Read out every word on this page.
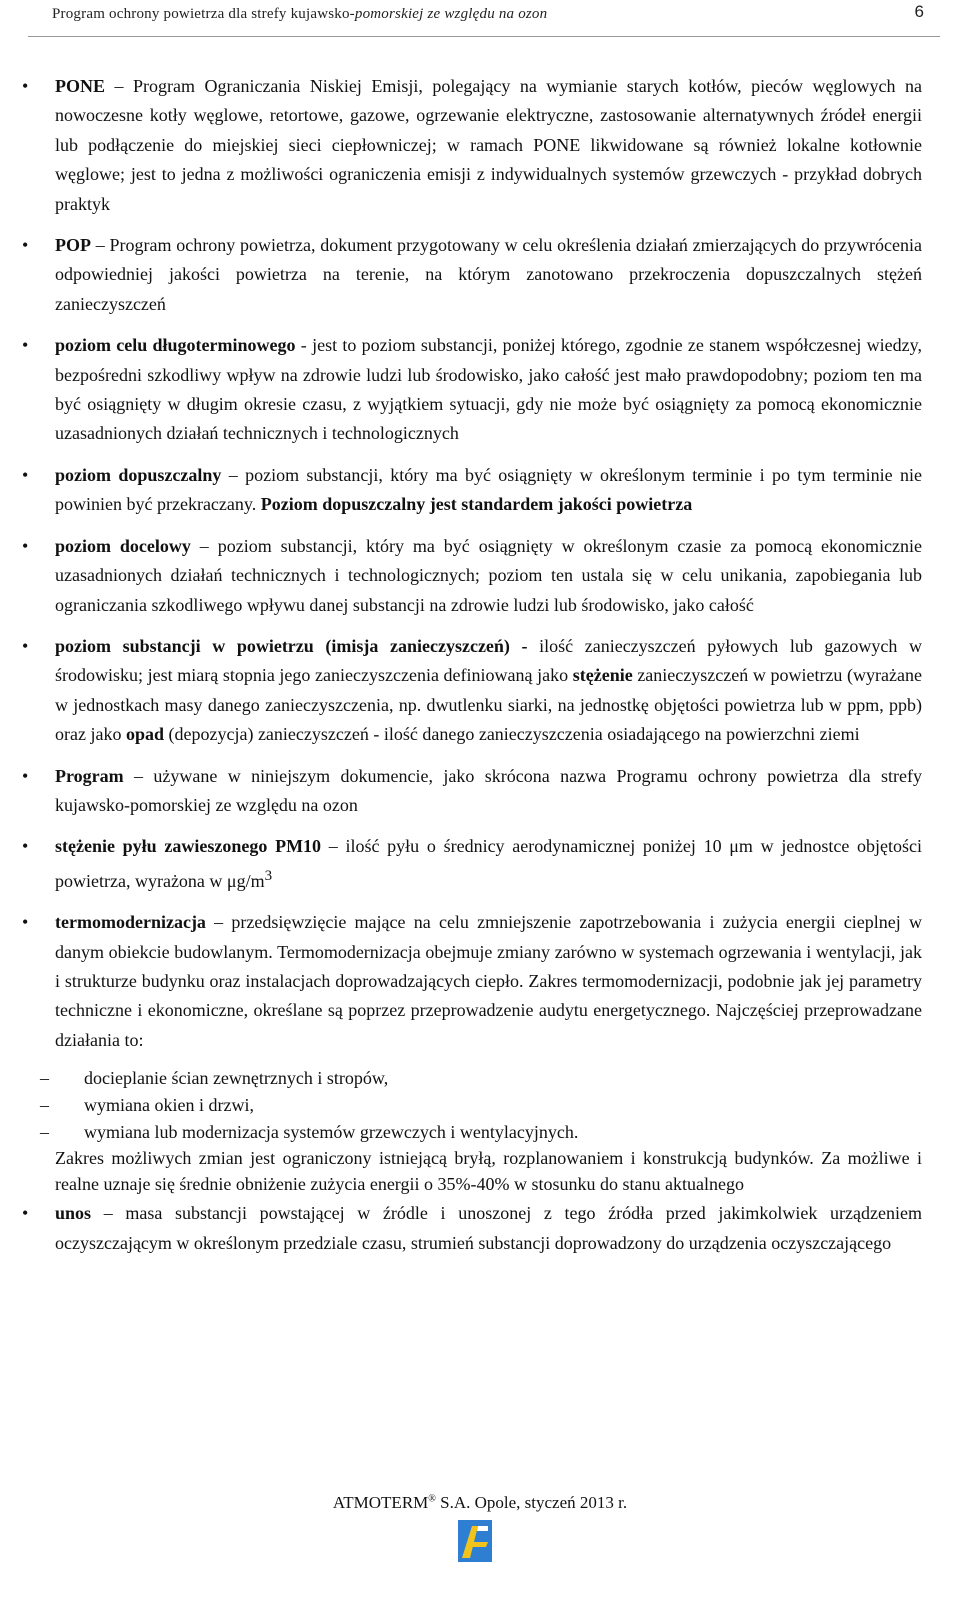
Program ochrony powietrza dla strefy kujawsko-pomorskiej ze względu na ozon	6
• PONE – Program Ograniczania Niskiej Emisji, polegający na wymianie starych kotłów, pieców węglowych na nowoczesne kotły węglowe, retortowe, gazowe, ogrzewanie elektryczne, zastosowanie alternatywnych źródeł energii lub podłączenie do miejskiej sieci ciepłowniczej; w ramach PONE likwidowane są również lokalne kotłownie węglowe; jest to jedna z możliwości ograniczenia emisji z indywidualnych systemów grzewczych - przykład dobrych praktyk
• POP – Program ochrony powietrza, dokument przygotowany w celu określenia działań zmierzających do przywrócenia odpowiedniej jakości powietrza na terenie, na którym zanotowano przekroczenia dopuszczalnych stężeń zanieczyszczeń
• poziom celu długoterminowego - jest to poziom substancji, poniżej którego, zgodnie ze stanem współczesnej wiedzy, bezpośredni szkodliwy wpływ na zdrowie ludzi lub środowisko, jako całość jest mało prawdopodobny; poziom ten ma być osiągnięty w długim okresie czasu, z wyjątkiem sytuacji, gdy nie może być osiągnięty za pomocą ekonomicznie uzasadnionych działań technicznych i technologicznych
• poziom dopuszczalny – poziom substancji, który ma być osiągnięty w określonym terminie i po tym terminie nie powinien być przekraczany. Poziom dopuszczalny jest standardem jakości powietrza
• poziom docelowy – poziom substancji, który ma być osiągnięty w określonym czasie za pomocą ekonomicznie uzasadnionych działań technicznych i technologicznych; poziom ten ustala się w celu unikania, zapobiegania lub ograniczania szkodliwego wpływu danej substancji na zdrowie ludzi lub środowisko, jako całość
• poziom substancji w powietrzu (imisja zanieczyszczeń) - ilość zanieczyszczeń pyłowych lub gazowych w środowisku; jest miarą stopnia jego zanieczyszczenia definiowaną jako stężenie zanieczyszczeń w powietrzu (wyrażane w jednostkach masy danego zanieczyszczenia, np. dwutlenku siarki, na jednostkę objętości powietrza lub w ppm, ppb) oraz jako opad (depozycja) zanieczyszczeń - ilość danego zanieczyszczenia osiadającego na powierzchni ziemi
• Program – używane w niniejszym dokumencie, jako skrócona nazwa Programu ochrony powietrza dla strefy kujawsko-pomorskiej ze względu na ozon
• stężenie pyłu zawieszonego PM10 – ilość pyłu o średnicy aerodynamicznej poniżej 10 μm w jednostce objętości powietrza, wyrażona w $\mu g/m^3$
• termomodernizacja – przedsięwzięcie mające na celu zmniejszenie zapotrzebowania i zużycia energii cieplnej w danym obiekcie budowlanym. Termomodernizacja obejmuje zmiany zarówno w systemach ogrzewania i wentylacji, jak i strukturze budynku oraz instalacjach doprowadzających ciepło. Zakres termomodernizacji, podobnie jak jej parametry techniczne i ekonomiczne, określane są poprzez przeprowadzenie audytu energetycznego. Najczęściej przeprowadzane działania to:
– docieplanie ścian zewnętrznych i stropów,
– wymiana okien i drzwi,
– wymiana lub modernizacja systemów grzewczych i wentylacyjnych.
Zakres możliwych zmian jest ograniczony istniejącą bryłą, rozplanowaniem i konstrukcją budynków. Za możliwe i realne uznaje się średnie obniżenie zużycia energii o 35%-40% w stosunku do stanu aktualnego
• unos – masa substancji powstającej w źródle i unoszonej z tego źródła przed jakimkolwiek urządzeniem oczyszczającym w określonym przedziale czasu, strumień substancji doprowadzony do urządzenia oczyszczającego
ATMOTERM® S.A. Opole, styczeń 2013 r.
